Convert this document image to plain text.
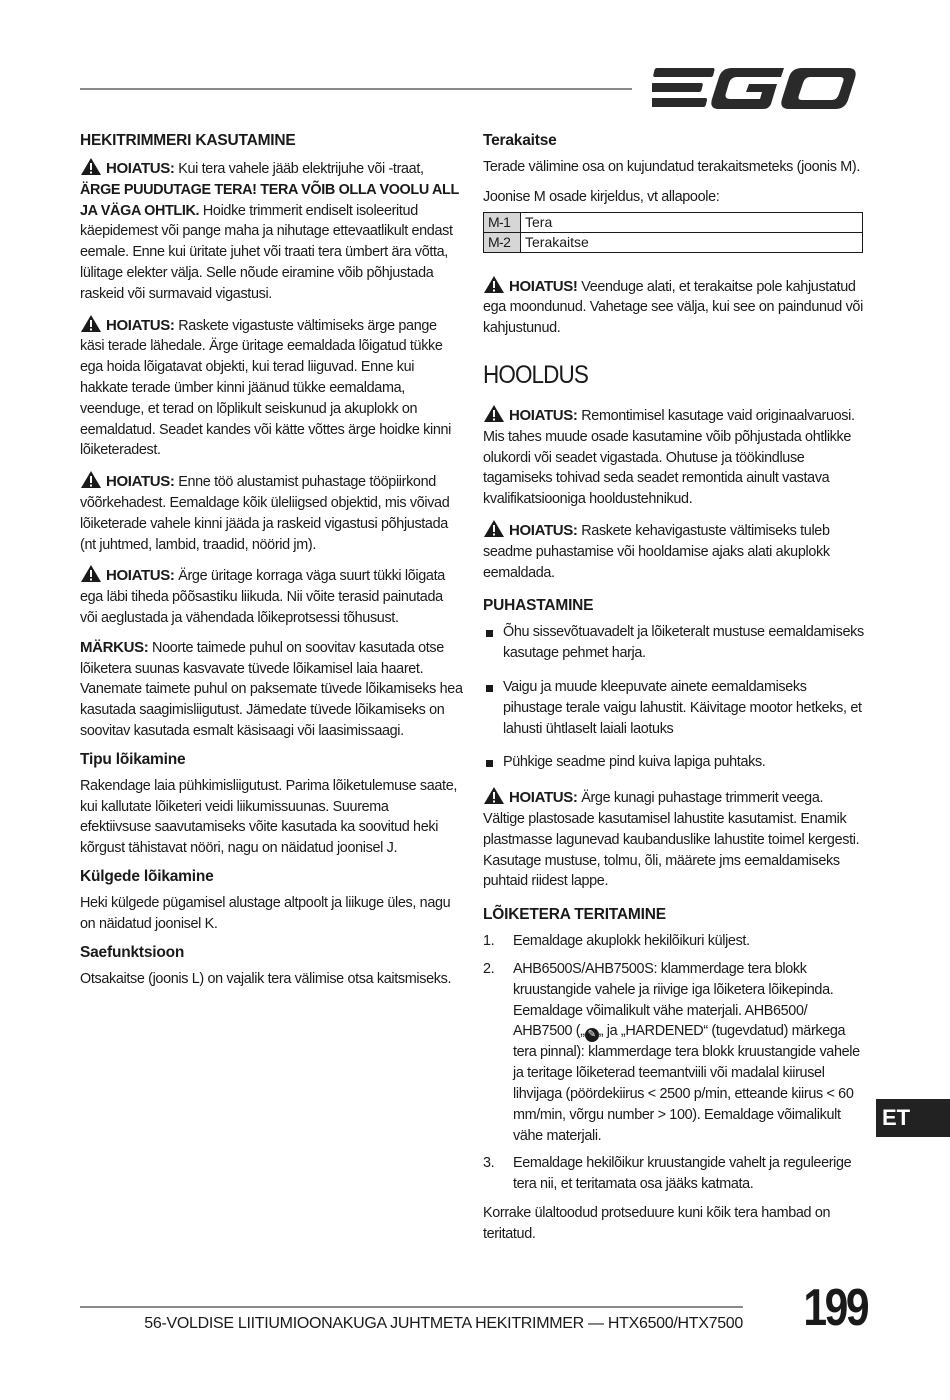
HEKITRIMMERI KASUTAMINE

HOIATUS: Kui tera vahele jääb elektrijuhe või -traat, ÄRGE PUUDUTAGE TERA! TERA VÕIB OLLA VOOLU ALL JA VÄGA OHTLIK. Hoidke trimmerit endiselt isoleeritud käepidemest või pange maha ja nihutage ettevaatlikult endast eemale. Enne kui üritate juhet või traati tera ümbert ära võtta, lülitage elekter välja. Selle nõude eiramine võib põhjustada raskeid või surmavaid vigastusi.

HOIATUS: Raskete vigastuste vältimiseks ärge pange käsi terade lähedale. Ärge üritage eemaldada lõigatud tükke ega hoida lõigatavat objekti, kui terad liiguvad. Enne kui hakkate terade ümber kinni jäänud tükke eemaldama, veenduge, et terad on lõplikult seiskunud ja akuplokk on eemaldatud. Seadet kandes või kätte võttes ärge hoidke kinni lõiketeradest.

HOIATUS: Enne töö alustamist puhastage tööpiirkond võõrkehadest. Eemaldage kõik üleliigsed objektid, mis võivad lõiketerade vahele kinni jääda ja raskeid vigastusi põhjustada (nt juhtmed, lambid, traadid, nöörid jm).

HOIATUS: Ärge üritage korraga väga suurt tükki lõigata ega läbi tiheda põõsastiku liikuda. Nii võite terasid painutada või aeglustada ja vähendada lõikeprotsessi tõhusust.

MÄRKUS: Noorte taimede puhul on soovitav kasutada otse lõiketera suunas kasvavate tüvede lõikamisel laia haaret. Vanemate taimete puhul on paksemate tüvede lõikamiseks hea kasutada saagimisliigutust. Jämedate tüvede lõikamiseks on soovitav kasutada esmalt käsisaagi või laasimissaagi.

Tipu lõikamine

Rakendage laia pühkimisliigutust. Parima lõiketulemuse saate, kui kallutate lõiketeri veidi liikumissuunas. Suurema efektiivsuse saavutamiseks võite kasutada ka soovitud heki kõrgust tähistavat nööri, nagu on näidatud joonisel J.

Külgede lõikamine

Heki külgede pügamisel alustage altpoolt ja liikuge üles, nagu on näidatud joonisel K.

Saefunktsioon

Otsakaitse (joonis L) on vajalik tera välimise otsa kaitsmiseks.

Terakaitse

Terade välimine osa on kujundatud terakaitsmeteks (joonis M).

Joonise M osade kirjeldus, vt allapoole:

M-1	Tera
M-2	Terakaitse

HOIATUS! Veenduge alati, et terakaitse pole kahjustatud ega moondunud. Vahetage see välja, kui see on paindunud või kahjustunud.

HOOLDUS

HOIATUS: Remontimisel kasutage vaid originaalvaruosi. Mis tahes muude osade kasutamine võib põhjustada ohtlikke olukordi või seadet vigastada. Ohutuse ja töökindluse tagamiseks tohivad seda seadet remontida ainult vastava kvalifikatsiooniga hooldustehnikud.

HOIATUS: Raskete kehavigastuste vältimiseks tuleb seadme puhastamise või hooldamise ajaks alati akuplokk eemaldada.

PUHASTAMINE
Õhu sissevõtuavadelt ja lõiketeralt mustuse eemaldamiseks kasutage pehmet harja.
Vaigu ja muude kleepuvate ainete eemaldamiseks pihustage terale vaigu lahustit. Käivitage mootor hetkeks, et lahusti ühtlaselt laiali laotuks
Pühkige seadme pind kuiva lapiga puhtaks.

HOIATUS: Ärge kunagi puhastage trimmerit veega. Vältige plastosade kasutamisel lahustite kasutamist. Enamik plastmasse lagunevad kaubanduslike lahustite toimel kergesti. Kasutage mustuse, tolmu, õli, määrete jms eemaldamiseks puhtaid riidest lappe.

LÕIKETERA TERITAMINE
1. Eemaldage akuplokk hekilõikuri küljest.
2. AHB6500S/AHB7500S: klammerdage tera blokk kruustangide vahele ja riivige iga lõiketera lõikepinda. Eemaldage võimalikult vähe materjali. AHB6500/ AHB7500 („ ✎ „ ja „HARDENED“ (tugevdatud) märkega tera pinnal): klammerdage tera blokk kruustangide vahele ja teritage lõiketerad teemantviili või madalal kiirusel lihvijaga (pöördekiirus < 2500 p/min, etteande kiirus < 60 mm/min, võrgu number > 100). Eemaldage võimalikult vähe materjali.
3. Eemaldage hekilõikur kruustangide vahelt ja reguleerige tera nii, et teritamata osa jääks katmata.

Korrake ülaltoodud protseduure kuni kõik tera hambad on teritatud.

ET
56-VOLDISE LIITIUMIOONAKUGA JUHTMETA HEKITRIMMER — HTX6500/HTX7500 199
